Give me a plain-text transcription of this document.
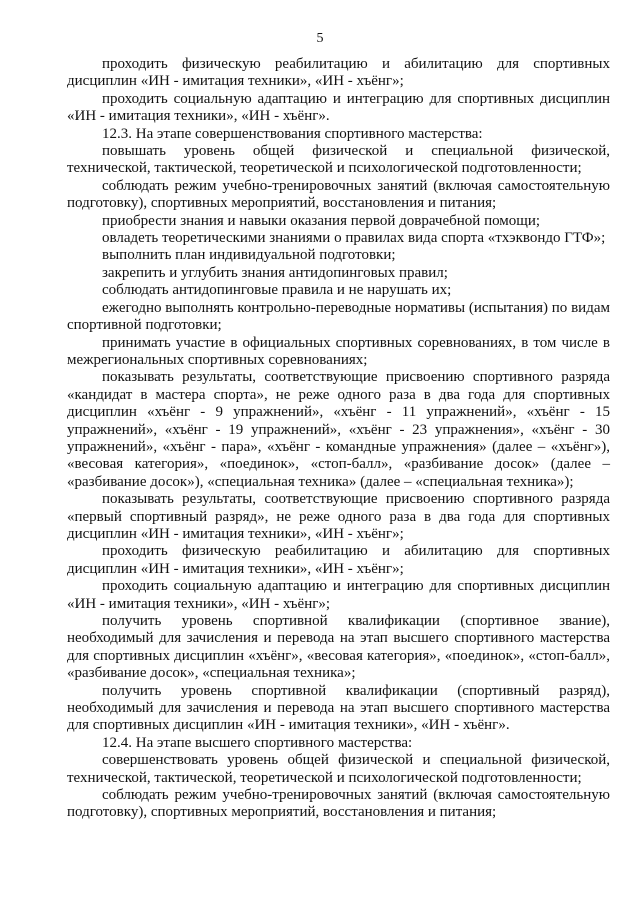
5

проходить физическую реабилитацию и абилитацию для спортивных дисциплин «ИН - имитация техники», «ИН - хъёнг»;

проходить социальную адаптацию и интеграцию для спортивных дисциплин «ИН - имитация техники», «ИН - хъёнг».

12.3. На этапе совершенствования спортивного мастерства:

повышать уровень общей физической и специальной физической, технической, тактической, теоретической и психологической подготовленности;

соблюдать режим учебно-тренировочных занятий (включая самостоятельную подготовку), спортивных мероприятий, восстановления и питания;

приобрести знания и навыки оказания первой доврачебной помощи;

овладеть теоретическими знаниями о правилах вида спорта «тхэквондо ГТФ»;

выполнить план индивидуальной подготовки;

закрепить и углубить знания антидопинговых правил;

соблюдать антидопинговые правила и не нарушать их;

ежегодно выполнять контрольно-переводные нормативы (испытания) по видам спортивной подготовки;

принимать участие в официальных спортивных соревнованиях, в том числе в межрегиональных спортивных соревнованиях;

показывать результаты, соответствующие присвоению спортивного разряда «кандидат в мастера спорта», не реже одного раза в два года для спортивных дисциплин «хъёнг - 9 упражнений», «хъёнг - 11 упражнений», «хъёнг - 15 упражнений», «хъёнг - 19 упражнений», «хъёнг - 23 упражнения», «хъёнг - 30 упражнений», «хъёнг - пара», «хъёнг - командные упражнения» (далее – «хъёнг»), «весовая категория», «поединок», «стоп-балл», «разбивание досок» (далее – «разбивание досок»), «специальная техника» (далее – «специальная техника»);

показывать результаты, соответствующие присвоению спортивного разряда «первый спортивный разряд», не реже одного раза в два года для спортивных дисциплин «ИН - имитация техники», «ИН - хъёнг»;

проходить физическую реабилитацию и абилитацию для спортивных дисциплин «ИН - имитация техники», «ИН - хъёнг»;

проходить социальную адаптацию и интеграцию для спортивных дисциплин «ИН - имитация техники», «ИН - хъёнг»;

получить уровень спортивной квалификации (спортивное звание), необходимый для зачисления и перевода на этап высшего спортивного мастерства для спортивных дисциплин «хъёнг», «весовая категория», «поединок», «стоп-балл», «разбивание досок», «специальная техника»;

получить уровень спортивной квалификации (спортивный разряд), необходимый для зачисления и перевода на этап высшего спортивного мастерства для спортивных дисциплин «ИН - имитация техники», «ИН - хъёнг».

12.4. На этапе высшего спортивного мастерства:

совершенствовать уровень общей физической и специальной физической, технической, тактической, теоретической и психологической подготовленности;

соблюдать режим учебно-тренировочных занятий (включая самостоятельную подготовку), спортивных мероприятий, восстановления и питания;
